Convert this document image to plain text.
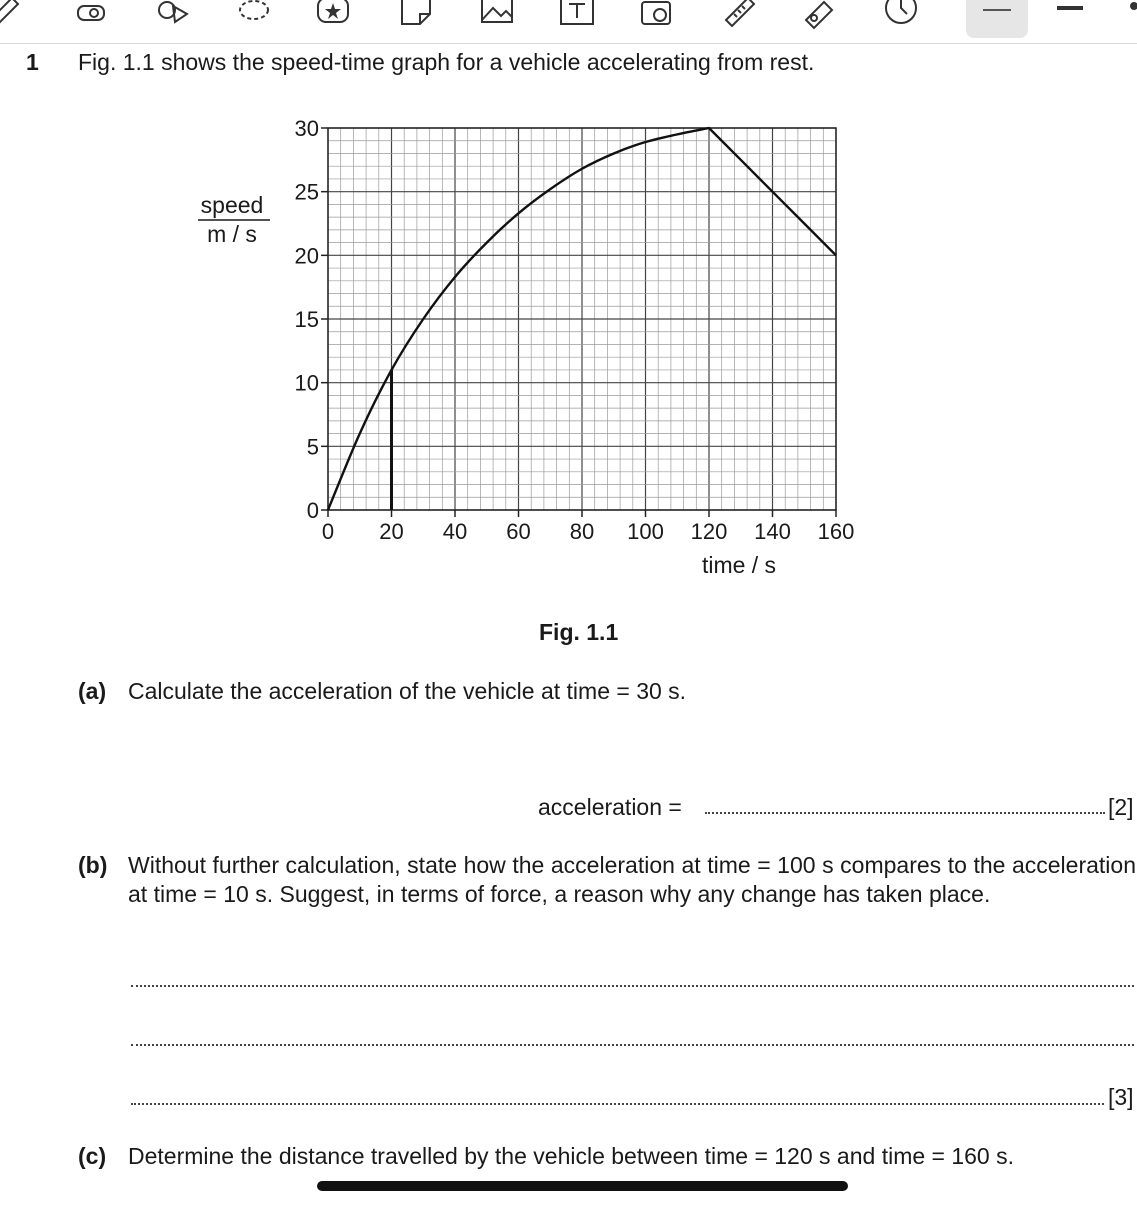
1 Fig. 1.1 shows the speed-time graph for a vehicle accelerating from rest.
speed
m / s
time / s
0
5
10
15
20
25
30
0 20 40 60 80 100 120 140 160
Fig. 1.1
(a) Calculate the acceleration of the vehicle at time = 30 s.
acceleration =	[2]
(b) Without further calculation, state how the acceleration at time = 100 s compares to the acceleration at time = 10 s. Suggest, in terms of force, a reason why any change has taken place.
[3]
(c) Determine the distance travelled by the vehicle between time = 120 s and time = 160 s.
